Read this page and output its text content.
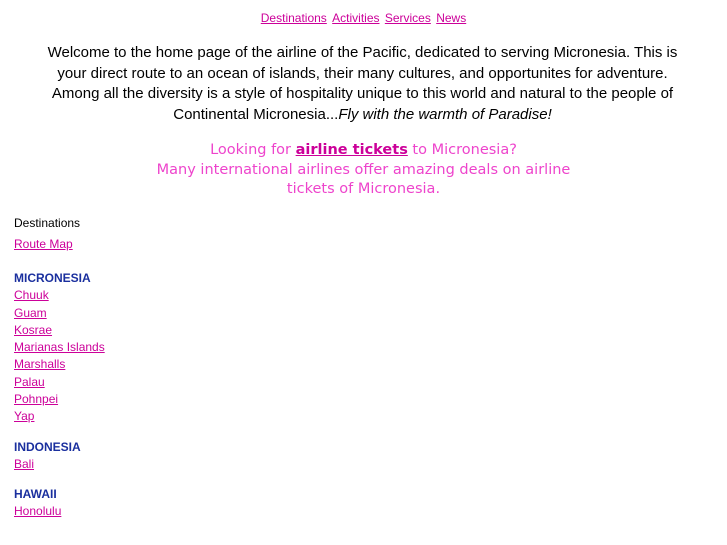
Destinations Activities Services News
Welcome to the home page of the airline of the Pacific, dedicated to serving Micronesia. This is your direct route to an ocean of islands, their many cultures, and opportunites for adventure. Among all the diversity is a style of hospitality unique to this world and natural to the people of Continental Micronesia...Fly with the warmth of Paradise!
Looking for airline tickets to Micronesia?
Many international airlines offer amazing deals on airline
tickets of Micronesia.
Destinations
Route Map
MICRONESIA
Chuuk
Guam
Kosrae
Marianas Islands
Marshalls
Palau
Pohnpei
Yap
INDONESIA
Bali
HAWAII
Honolulu
